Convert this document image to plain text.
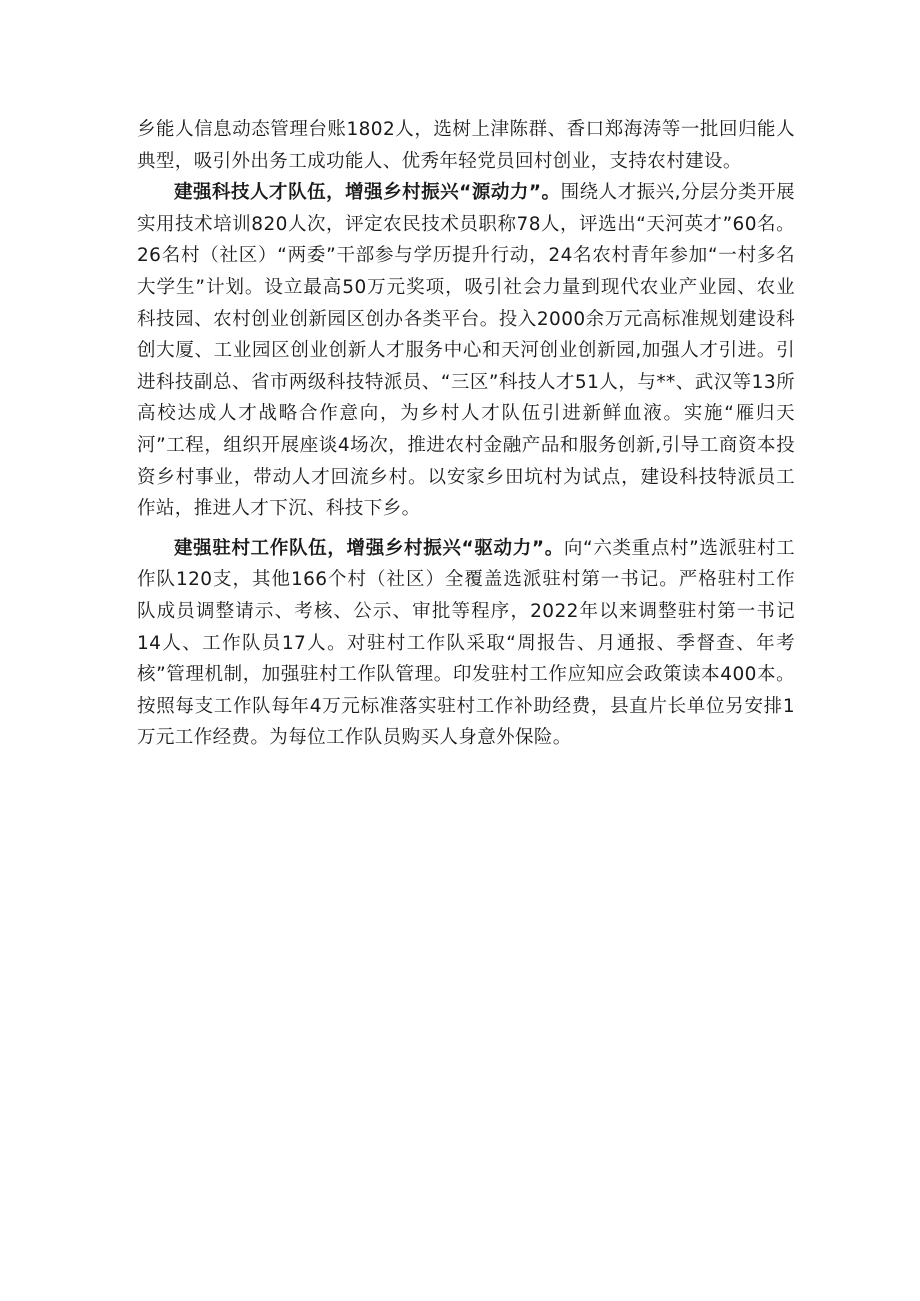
乡能人信息动态管理台账1802人，选树上津陈群、香口郑海涛等一批回归能人典型，吸引外出务工成功能人、优秀年轻党员回村创业，支持农村建设。

建强科技人才队伍，增强乡村振兴“源动力”。围绕人才振兴,分层分类开展实用技术培训820人次，评定农民技术员职称78人，评选出“天河英才”60名。26名村（社区）“两委”干部参与学历提升行动，24名农村青年参加“一村多名大学生”计划。设立最高50万元奖项，吸引社会力量到现代农业产业园、农业科技园、农村创业创新园区创办各类平台。投入2000余万元高标准规划建设科创大厦、工业园区创业创新人才服务中心和天河创业创新园,加强人才引进。引进科技副总、省市两级科技特派员、“三区”科技人才51人，与**、武汉等13所高校达成人才战略合作意向，为乡村人才队伍引进新鲜血液。实施“雁归天河”工程，组织开展座谈4场次，推进农村金融产品和服务创新,引导工商资本投资乡村事业，带动人才回流乡村。以安家乡田坑村为试点，建设科技特派员工作站，推进人才下沉、科技下乡。

建强驻村工作队伍，增强乡村振兴“驱动力”。向“六类重点村”选派驻村工作队120支，其他166个村（社区）全覆盖选派驻村第一书记。严格驻村工作队成员调整请示、考核、公示、审批等程序，2022年以来调整驻村第一书记14人、工作队员17人。对驻村工作队采取“周报告、月通报、季督查、年考核”管理机制，加强驻村工作队管理。印发驻村工作应知应会政策读本400本。按照每支工作队每年4万元标准落实驻村工作补助经费，县直片长单位另安排1万元工作经费。为每位工作队员购买人身意外保险。
